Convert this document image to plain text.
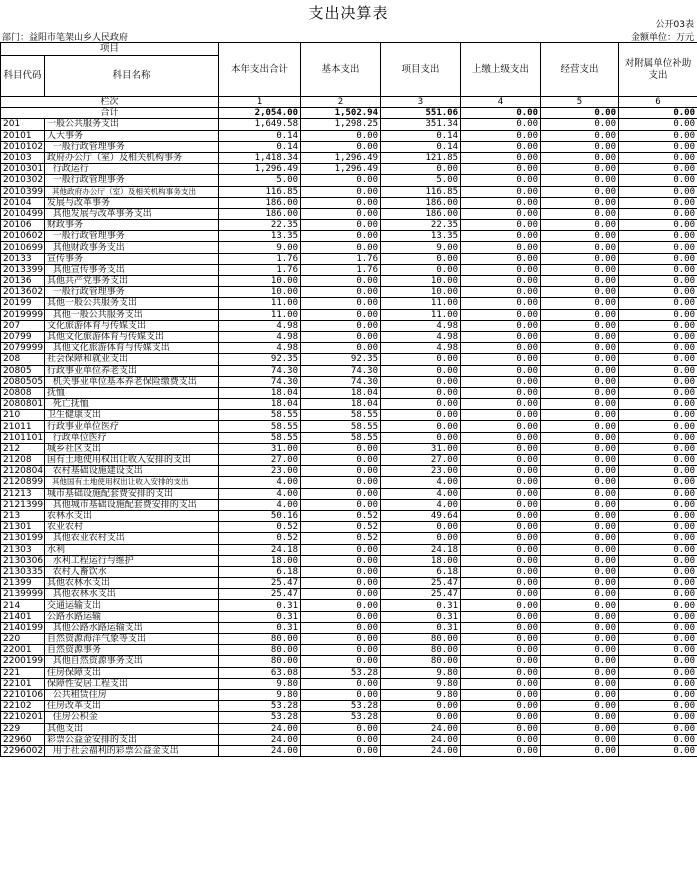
支出决算表
公开03表
部门：益阳市笔架山乡人民政府	金额单位：万元
项目		本年支出合计	基本支出	项目支出	上缴上级支出	经营支出	对附属单位补助支出
科目代码	科目名称						
栏次		1	2	3	4	5	6
合计		2,054.00	1,502.94	551.06	0.00	0.00	0.00
201	一般公共服务支出	1,649.58	1,298.25	351.34	0.00	0.00	0.00
20101	人大事务	0.14	0.00	0.14	0.00	0.00	0.00
2010102	一般行政管理事务	0.14	0.00	0.14	0.00	0.00	0.00
20103	政府办公厅（室）及相关机构事务	1,418.34	1,296.49	121.85	0.00	0.00	0.00
2010301	行政运行	1,296.49	1,296.49	0.00	0.00	0.00	0.00
2010302	一般行政管理事务	5.00	0.00	5.00	0.00	0.00	0.00
2010399	其他政府办公厅（室）及相关机构事务支出	116.85	0.00	116.85	0.00	0.00	0.00
20104	发展与改革事务	186.00	0.00	186.00	0.00	0.00	0.00
2010499	其他发展与改革事务支出	186.00	0.00	186.00	0.00	0.00	0.00
20106	财政事务	22.35	0.00	22.35	0.00	0.00	0.00
2010602	一般行政管理事务	13.35	0.00	13.35	0.00	0.00	0.00
2010699	其他财政事务支出	9.00	0.00	9.00	0.00	0.00	0.00
20133	宣传事务	1.76	1.76	0.00	0.00	0.00	0.00
2013399	其他宣传事务支出	1.76	1.76	0.00	0.00	0.00	0.00
20136	其他共产党事务支出	10.00	0.00	10.00	0.00	0.00	0.00
2013602	一般行政管理事务	10.00	0.00	10.00	0.00	0.00	0.00
20199	其他一般公共服务支出	11.00	0.00	11.00	0.00	0.00	0.00
2019999	其他一般公共服务支出	11.00	0.00	11.00	0.00	0.00	0.00
207	文化旅游体育与传媒支出	4.98	0.00	4.98	0.00	0.00	0.00
20799	其他文化旅游体育与传媒支出	4.98	0.00	4.98	0.00	0.00	0.00
2079999	其他文化旅游体育与传媒支出	4.98	0.00	4.98	0.00	0.00	0.00
208	社会保障和就业支出	92.35	92.35	0.00	0.00	0.00	0.00
20805	行政事业单位养老支出	74.30	74.30	0.00	0.00	0.00	0.00
2080505	机关事业单位基本养老保险缴费支出	74.30	74.30	0.00	0.00	0.00	0.00
20808	抚恤	18.04	18.04	0.00	0.00	0.00	0.00
2080801	死亡抚恤	18.04	18.04	0.00	0.00	0.00	0.00
210	卫生健康支出	58.55	58.55	0.00	0.00	0.00	0.00
21011	行政事业单位医疗	58.55	58.55	0.00	0.00	0.00	0.00
2101101	行政单位医疗	58.55	58.55	0.00	0.00	0.00	0.00
212	城乡社区支出	31.00	0.00	31.00	0.00	0.00	0.00
21208	国有土地使用权出让收入安排的支出	27.00	0.00	27.00	0.00	0.00	0.00
2120804	农村基础设施建设支出	23.00	0.00	23.00	0.00	0.00	0.00
2120899	其他国有土地使用权出让收入安排的支出	4.00	0.00	4.00	0.00	0.00	0.00
21213	城市基础设施配套费安排的支出	4.00	0.00	4.00	0.00	0.00	0.00
2121399	其他城市基础设施配套费安排的支出	4.00	0.00	4.00	0.00	0.00	0.00
213	农林水支出	50.16	0.52	49.64	0.00	0.00	0.00
21301	农业农村	0.52	0.52	0.00	0.00	0.00	0.00
2130199	其他农业农村支出	0.52	0.52	0.00	0.00	0.00	0.00
21303	水利	24.18	0.00	24.18	0.00	0.00	0.00
2130306	水利工程运行与维护	18.00	0.00	18.00	0.00	0.00	0.00
2130335	农村人畜饮水	6.18	0.00	6.18	0.00	0.00	0.00
21399	其他农林水支出	25.47	0.00	25.47	0.00	0.00	0.00
2139999	其他农林水支出	25.47	0.00	25.47	0.00	0.00	0.00
214	交通运输支出	0.31	0.00	0.31	0.00	0.00	0.00
21401	公路水路运输	0.31	0.00	0.31	0.00	0.00	0.00
2140199	其他公路水路运输支出	0.31	0.00	0.31	0.00	0.00	0.00
220	自然资源海洋气象等支出	80.00	0.00	80.00	0.00	0.00	0.00
22001	自然资源事务	80.00	0.00	80.00	0.00	0.00	0.00
2200199	其他自然资源事务支出	80.00	0.00	80.00	0.00	0.00	0.00
221	住房保障支出	63.08	53.28	9.80	0.00	0.00	0.00
22101	保障性安居工程支出	9.80	0.00	9.80	0.00	0.00	0.00
2210106	公共租赁住房	9.80	0.00	9.80	0.00	0.00	0.00
22102	住房改革支出	53.28	53.28	0.00	0.00	0.00	0.00
2210201	住房公积金	53.28	53.28	0.00	0.00	0.00	0.00
229	其他支出	24.00	0.00	24.00	0.00	0.00	0.00
22960	彩票公益金安排的支出	24.00	0.00	24.00	0.00	0.00	0.00
2296002	用于社会福利的彩票公益金支出	24.00	0.00	24.00	0.00	0.00	0.00
